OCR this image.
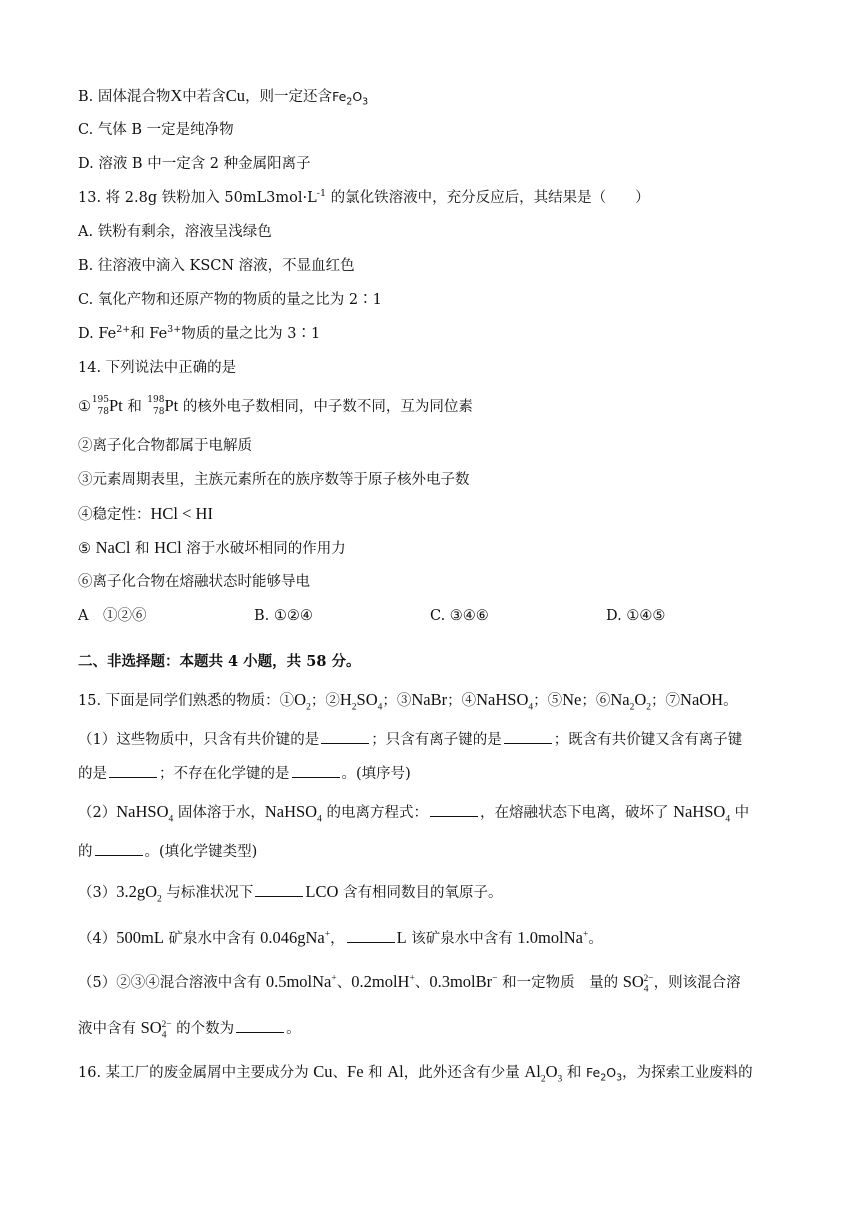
B. 固体混合物X中若含Cu，则一定还含$Fe_2O_3$
C. 气体 B 一定是纯净物
D. 溶液 B 中一定含 2 种金属阳离子
13. 将 2.8g 铁粉加入 $50mL3mol\cdot L^{-1}$ 的氯化铁溶液中，充分反应后，其结果是（　　）
A. 铁粉有剩余，溶液呈浅绿色
B. 往溶液中滴入 KSCN 溶液，不显血红色
C. 氧化产物和还原产物的物质的量之比为 2∶1
D. $Fe^{2+}$和 $Fe^{3+}$物质的量之比为 3∶1
14. 下列说法中正确的是
① 195
78 Pt 和 198
78 Pt 的核外电子数相同，中子数不同，互为同位素
②离子化合物都属于电解质
③元素周期表里，主族元素所在的族序数等于原子核外电子数
④稳定性：HCl < HI
⑤ NaCl 和 HCl 溶于水破坏相同的作用力
⑥离子化合物在熔融状态时能够导电
A　①②⑥	B. ①②④	C. ③④⑥	D. ①④⑤
二、非选择题：本题共 4 小题，共 58 分。
15. 下面是同学们熟悉的物质：$①O_2$；$②H_2SO_4$；③NaBr；④NaHSO$_4$；⑤Ne；$⑥Na_2O_2$；⑦NaOH。
（1）这些物质中，只含有共价键的是	；只含有离子键的是	；既含有共价键又含有离子键
的是	；不存在化学键的是	。(填序号)
（2）NaHSO$_4$ 固体溶于水，NaHSO$_4$ 的电离方程式：	，在熔融状态下电离，破坏了 NaHSO$_4$ 中
的	。(填化学键类型)
$(3)3.2gO_2$ 与标准状况下	LCO 含有相同数目的氧原子。
（4）500mL 矿泉水中含有 0.046gNa+，	L 该矿泉水中含有 1.0molNa+。
（5）②③④混合溶液中含有 0.5molNa+、0.2molH+、0.3molBr− 和一定物质　量的 $SO_4^{2-}$，则该混合溶
液中含有 $SO_4^{2-}$ 的个数为	。
16. 某工厂的废金属屑中主要成分为 Cu、Fe 和 Al，此外还含有少量 $Al_2O_3$ 和 $Fe_2O_3$，为探索工业废料的
